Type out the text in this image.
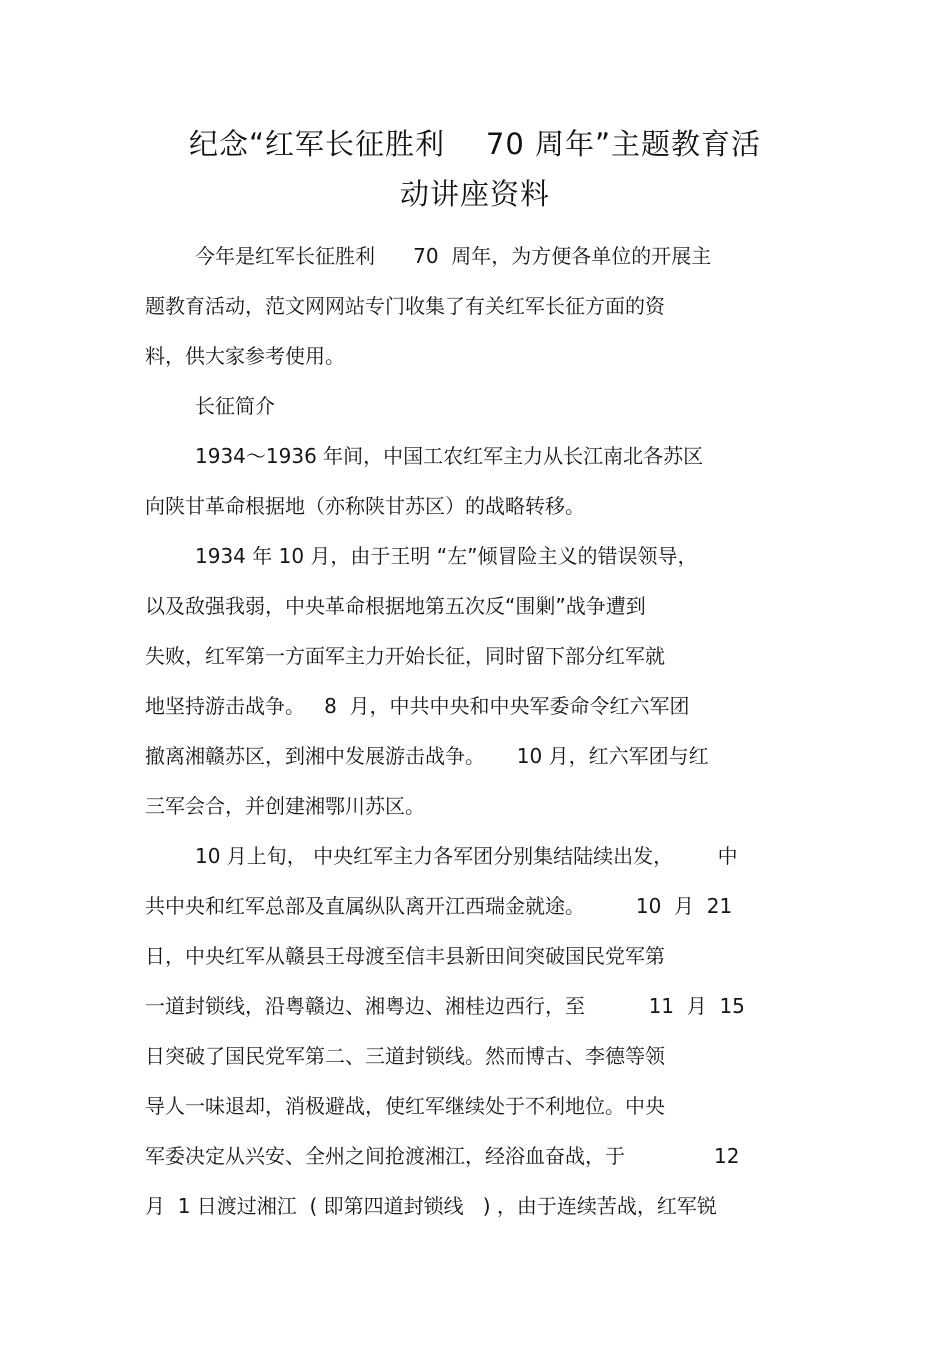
纪念“红军长征胜利    70 周年”主题教育活
动讲座资料
今年是红军长征胜利      70  周年，为方便各单位的开展主
题教育活动，范文网网站专门收集了有关红军长征方面的资
料，供大家参考使用。
长征简介
1934～1936 年间，中国工农红军主力从长江南北各苏区
向陕甘革命根据地（亦称陕甘苏区）的战略转移。
1934 年 10 月，由于王明 “左”倾冒险主义的错误领导，
以及敌强我弱，中央革命根据地第五次反“围剿”战争遭到
失败，红军第一方面军主力开始长征，同时留下部分红军就
地坚持游击战争。   8  月，中共中央和中央军委命令红六军团
撤离湘赣苏区，到湘中发展游击战争。     10 月，红六军团与红
三军会合，并创建湘鄂川苏区。
10 月上旬， 中央红军主力各军团分别集结陆续出发，       中
共中央和红军总部及直属纵队离开江西瑞金就途。        10  月  21
日，中央红军从赣县王母渡至信丰县新田间突破国民党军第
一道封锁线，沿粤赣边、湘粤边、湘桂边西行，至          11  月  15
日突破了国民党军第二、三道封锁线。然而博古、李德等领
导人一味退却，消极避战，使红军继续处于不利地位。中央
军委决定从兴安、全州之间抢渡湘江，经浴血奋战，于              12
月  1 日渡过湘江  ( 即第四道封锁线   ) ，由于连续苦战，红军锐
